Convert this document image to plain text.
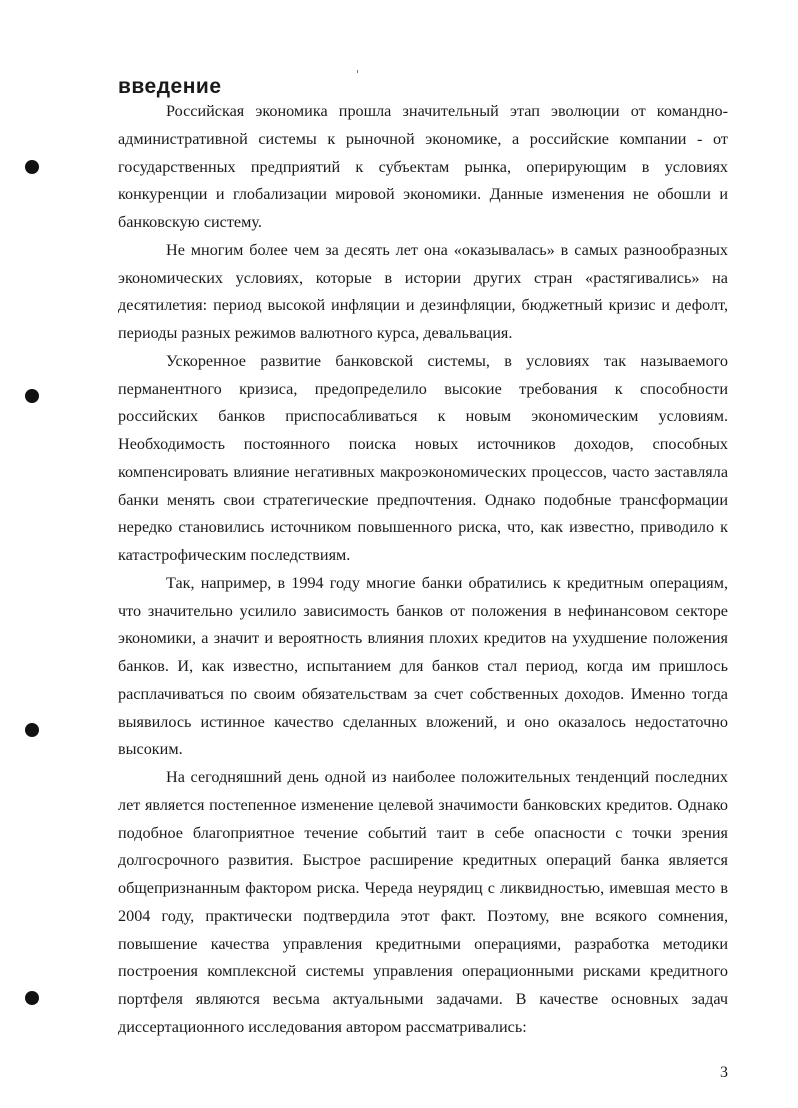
введение

Российская экономика прошла значительный этап эволюции от командно-административной системы к рыночной экономике, а российские компании - от государственных предприятий к субъектам рынка, оперирующим в условиях конкуренции и глобализации мировой экономики. Данные изменения не обошли и банковскую систему.

Не многим более чем за десять лет она «оказывалась» в самых разнообразных экономических условиях, которые в истории других стран «растягивались» на десятилетия: период высокой инфляции и дезинфляции, бюджетный кризис и дефолт, периоды разных режимов валютного курса, девальвация.

Ускоренное развитие банковской системы, в условиях так называемого перманентного кризиса, предопределило высокие требования к способности российских банков приспосабливаться к новым экономическим условиям. Необходимость постоянного поиска новых источников доходов, способных компенсировать влияние негативных макроэкономических процессов, часто заставляла банки менять свои стратегические предпочтения. Однако подобные трансформации нередко становились источником повышенного риска, что, как известно, приводило к катастрофическим последствиям.

Так, например, в 1994 году многие банки обратились к кредитным операциям, что значительно усилило зависимость банков от положения в нефинансовом секторе экономики, а значит и вероятность влияния плохих кредитов на ухудшение положения банков. И, как известно, испытанием для банков стал период, когда им пришлось расплачиваться по своим обязательствам за счет собственных доходов. Именно тогда выявилось истинное качество сделанных вложений, и оно оказалось недостаточно высоким.

На сегодняшний день одной из наиболее положительных тенденций последних лет является постепенное изменение целевой значимости банковских кредитов. Однако подобное благоприятное течение событий таит в себе опасности с точки зрения долгосрочного развития. Быстрое расширение кредитных операций банка является общепризнанным фактором риска. Череда неурядиц с ликвидностью, имевшая место в 2004 году, практически подтвердила этот факт. Поэтому, вне всякого сомнения, повышение качества управления кредитными операциями, разработка методики построения комплексной системы управления операционными рисками кредитного портфеля являются весьма актуальными задачами. В качестве основных задач диссертационного исследования автором рассматривались:

3
